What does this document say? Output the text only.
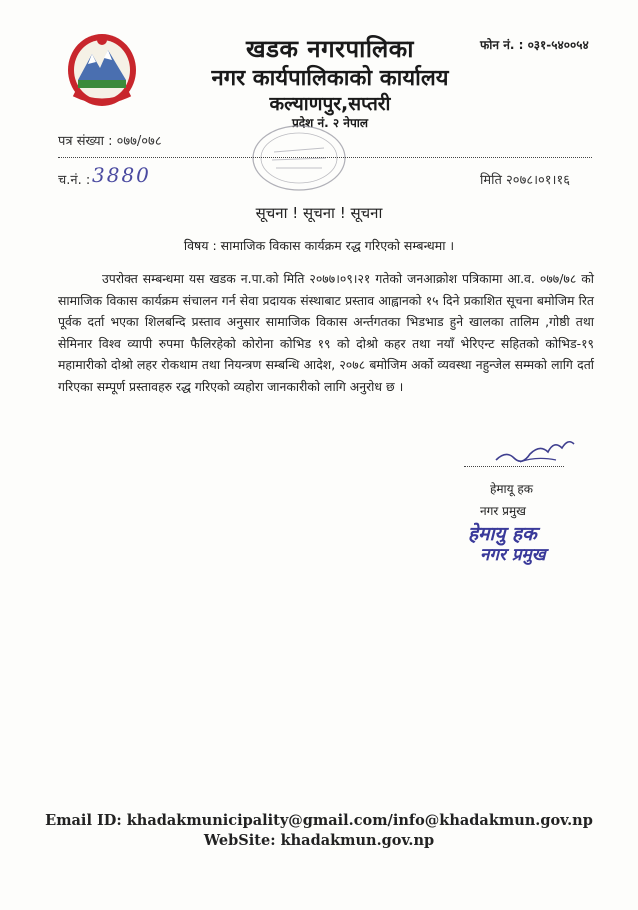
खडक नगरपालिका
नगर कार्यपालिकाको कार्यालय
कल्याणपुर,सप्तरी
प्रदेश नं. २ नेपाल
फोन नं. : ०३१-५४००५४
पत्र संख्या : ०७७/०७८
च.नं. : 3880	मिति २०७८।०१।१६
सूचना ! सूचना ! सूचना
विषय : सामाजिक विकास कार्यक्रम रद्ध गरिएको सम्बन्धमा ।

उपरोक्त सम्बन्धमा यस खडक न.पा.को मिति २०७७।०९।२१ गतेको जनआक्रोश पत्रिकामा आ.व. ०७७/७८ को सामाजिक विकास कार्यक्रम संचालन गर्न सेवा प्रदायक संस्थाबाट प्रस्ताव आह्वानको १५ दिने प्रकाशित सूचना बमोजिम रित पूर्वक दर्ता भएका शिलबन्दि प्रस्ताव अनुसार सामाजिक विकास अर्न्तगतका भिडभाड हुने खालका तालिम ,गोष्ठी तथा सेमिनार विश्व व्यापी रुपमा फैलिरहेको कोरोना कोभिड १९ को दोश्रो कहर तथा नयाँ भेरिएन्ट सहितको कोभिड-१९ महामारीको दोश्रो लहर रोकथाम तथा नियन्त्रण सम्बन्धि आदेश, २०७८ बमोजिम अर्को व्यवस्था नहुन्जेल सम्मको लागि दर्ता गरिएका सम्पूर्ण प्रस्तावहरु रद्ध गरिएको व्यहोरा जानकारीको लागि अनुरोध छ ।

हेमायू हक
नगर प्रमुख
हेमायु हक
नगर प्रमुख
Email ID: khadakmunicipality@gmail.com/info@khadakmun.gov.np
WebSite: khadakmun.gov.np
